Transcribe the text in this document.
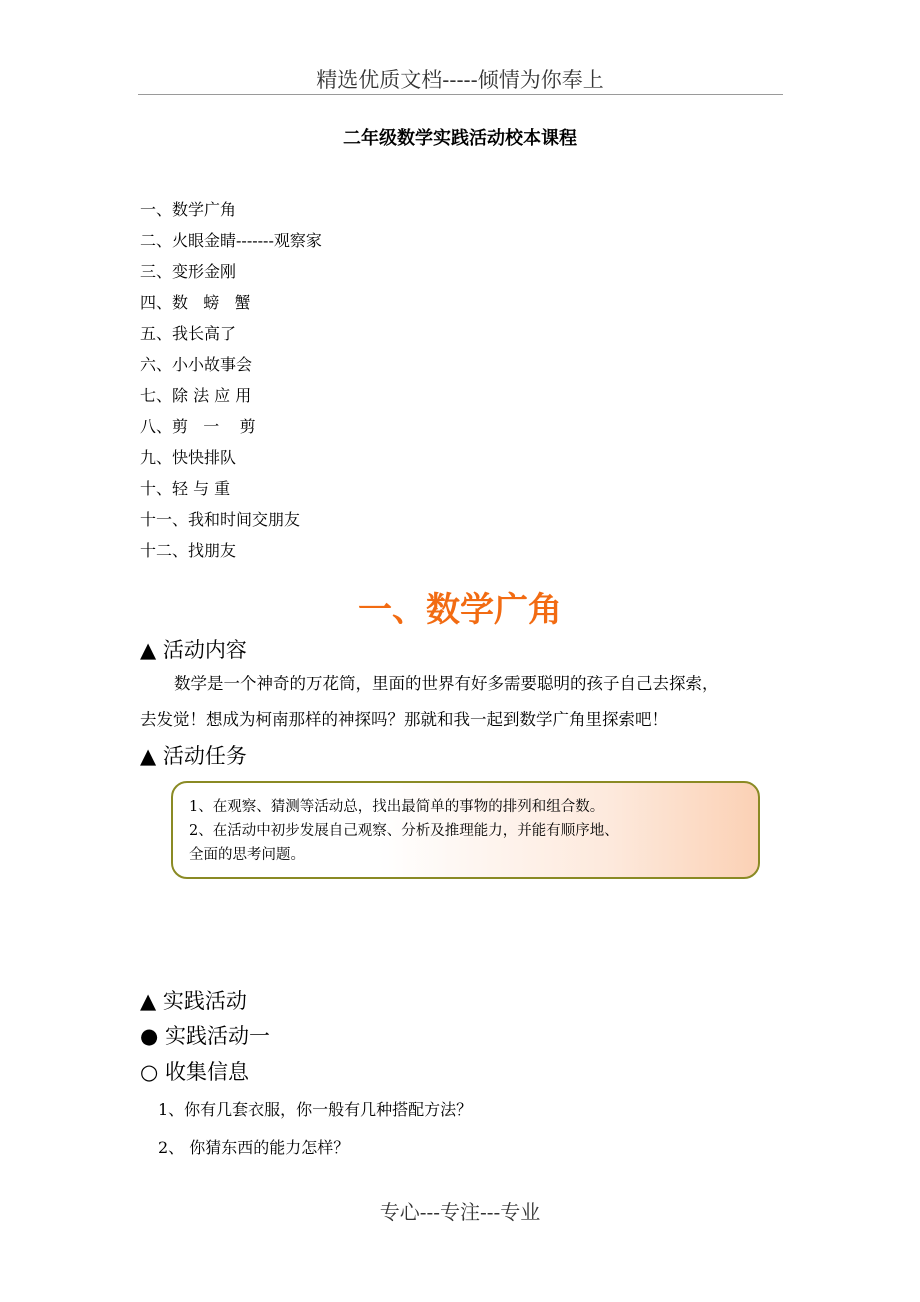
精选优质文档-----倾情为你奉上
二年级数学实践活动校本课程
一、数学广角
二、火眼金睛-------观察家
三、变形金刚
四、数   螃   蟹
五、我长高了
六、小小故事会
七、除 法 应 用
八、剪   一    剪
九、快快排队
十、轻 与 重
十一、我和时间交朋友
十二、找朋友
一、数学广角
▲ 活动内容
数学是一个神奇的万花筒，里面的世界有好多需要聪明的孩子自己去探索，
去发觉！想成为柯南那样的神探吗？那就和我一起到数学广角里探索吧！
▲ 活动任务
1、在观察、猜测等活动总，找出最简单的事物的排列和组合数。
2、在活动中初步发展自己观察、分析及推理能力，并能有顺序地、
全面的思考问题。
▲ 实践活动
● 实践活动一
○ 收集信息
1、你有几套衣服，你一般有几种搭配方法？
2、 你猜东西的能力怎样？
专心---专注---专业
